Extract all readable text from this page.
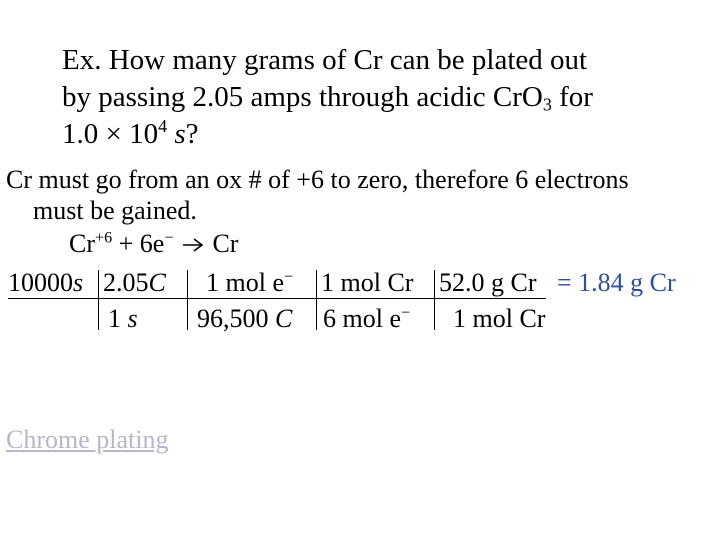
Ex. How many grams of Cr can be plated out
by passing 2.05 amps through acidic CrO$_3$ for
$1.0 \times 10^4$ s?
Cr must go from an ox # of +6 to zero, therefore 6 electrons
must be gained.
$Cr^{+6} + 6e^-$ Cr
10000s 2.05C 1 mol e− 1 mol Cr 52.0 g Cr = 1.84 g Cr
1 s 96,500 C 6 mol e− 1 mol Cr
Chrome plating
